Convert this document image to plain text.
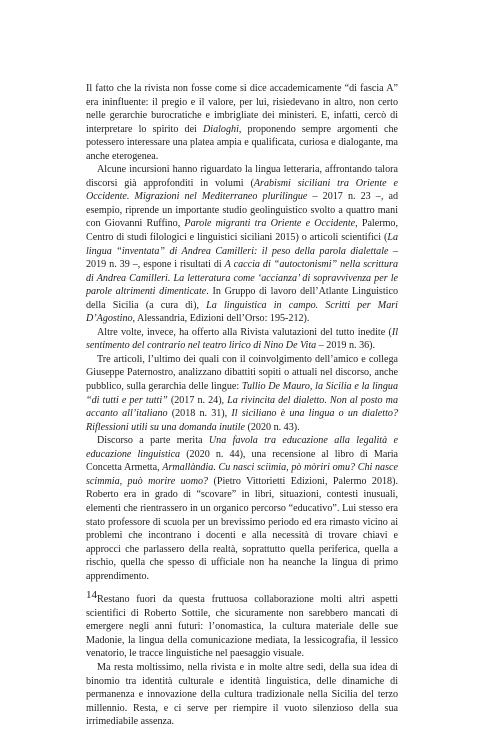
Il fatto che la rivista non fosse come si dice accademicamente “di fascia A” era ininfluente: il pregio e il valore, per lui, risiedevano in altro, non certo nelle gerarchie burocratiche e imbrigliate dei ministeri. E, infatti, cercò di interpretare lo spirito dei Dialoghi, proponendo sempre argomenti che potessero interessare una platea ampia e qualificata, curiosa e dialogante, ma anche eterogenea.

Alcune incursioni hanno riguardato la lingua letteraria, affrontando talora discorsi già approfonditi in volumi (Arabismi siciliani tra Oriente e Occidente. Migrazioni nel Mediterraneo plurilingue – 2017 n. 23 –, ad esempio, riprende un importante studio geolinguistico svolto a quattro mani con Giovanni Ruffino, Parole migranti tra Oriente e Occidente, Palermo, Centro di studi filologici e linguistici siciliani 2015) o articoli scientifici (La lingua “inventata” di Andrea Camilleri: il peso della parola dialettale – 2019 n. 39 –, espone i risultati di A caccia di “autoctonismi” nella scrittura di Andrea Camilleri. La letteratura come ‘accianza’ di sopravvivenza per le parole altrimenti dimenticate. In Gruppo di lavoro dell’Atlante Linguistico della Sicilia (a cura di), La linguistica in campo. Scritti per Mari D’Agostino, Alessandria, Edizioni dell’Orso: 195-212).

Altre volte, invece, ha offerto alla Rivista valutazioni del tutto inedite (Il sentimento del contrario nel teatro lirico di Nino De Vita – 2019 n. 36).

Tre articoli, l’ultimo dei quali con il coinvolgimento dell’amico e collega Giuseppe Paternostro, analizzano dibattiti sopiti o attuali nel discorso, anche pubblico, sulla gerarchia delle lingue: Tullio De Mauro, la Sicilia e la lingua “di tutti e per tutti” (2017 n. 24), La rivincita del dialetto. Non al posto ma accanto all’italiano (2018 n. 31), Il siciliano è una lingua o un dialetto? Riflessioni utili su una domanda inutile (2020 n. 43).

Discorso a parte merita Una favola tra educazione alla legalità e educazione linguistica (2020 n. 44), una recensione al libro di Maria Concetta Armetta, Armallàndia. Cu nasci sciìmia, pò mòriri omu? Chi nasce scimmia, può morire uomo? (Pietro Vittorietti Edizioni, Palermo 2018). Roberto era in grado di “scovare” in libri, situazioni, contesti inusuali, elementi che rientrassero in un organico percorso “educativo”. Lui stesso era stato professore di scuola per un brevissimo periodo ed era rimasto vicino ai problemi che incontrano i docenti e alla necessità di trovare chiavi e approcci che parlassero della realtà, soprattutto quella periferica, quella a rischio, quella che spesso di ufficiale non ha neanche la lingua di primo apprendimento.

Restano fuori da questa fruttuosa collaborazione molti altri aspetti scientifici di Roberto Sottile, che sicuramente non sarebbero mancati di emergere negli anni futuri: l’onomastica, la cultura materiale delle sue Madonie, la lingua della comunicazione mediata, la lessicografia, il lessico venatorio, le tracce linguistiche nel paesaggio visuale.

Ma resta moltissimo, nella rivista e in molte altre sedi, della sua idea di binomio tra identità culturale e identità linguistica, delle dinamiche di permanenza e innovazione della cultura tradizionale nella Sicilia del terzo millennio. Resta, e ci serve per riempire il vuoto silenzioso della sua irrimediabile assenza.

14
